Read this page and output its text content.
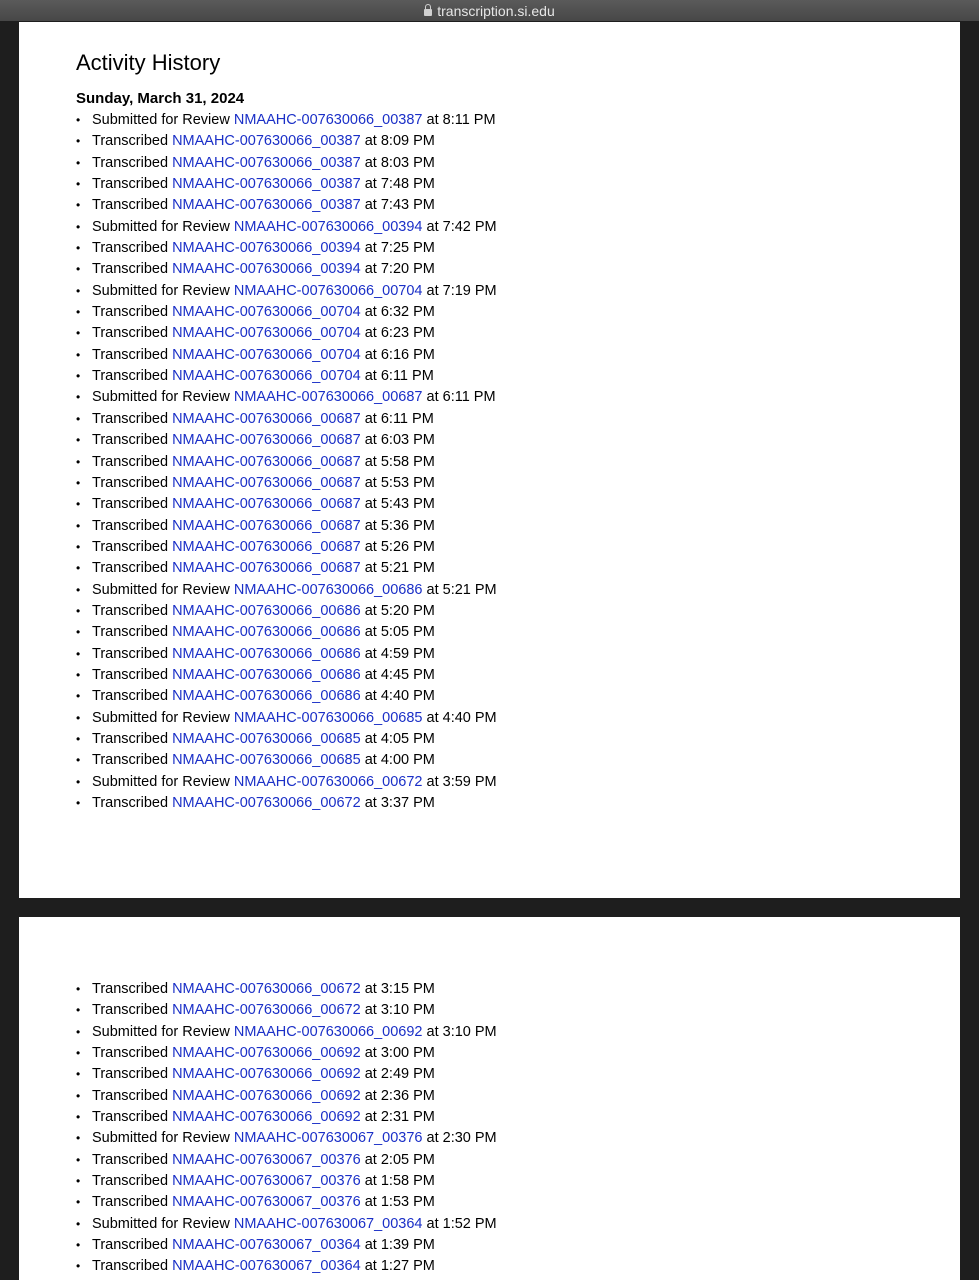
transcription.si.edu
Activity History
Sunday, March 31, 2024
• Submitted for Review NMAAHC-007630066_00387 at 8:11 PM
• Transcribed NMAAHC-007630066_00387 at 8:09 PM
• Transcribed NMAAHC-007630066_00387 at 8:03 PM
• Transcribed NMAAHC-007630066_00387 at 7:48 PM
• Transcribed NMAAHC-007630066_00387 at 7:43 PM
• Submitted for Review NMAAHC-007630066_00394 at 7:42 PM
• Transcribed NMAAHC-007630066_00394 at 7:25 PM
• Transcribed NMAAHC-007630066_00394 at 7:20 PM
• Submitted for Review NMAAHC-007630066_00704 at 7:19 PM
• Transcribed NMAAHC-007630066_00704 at 6:32 PM
• Transcribed NMAAHC-007630066_00704 at 6:23 PM
• Transcribed NMAAHC-007630066_00704 at 6:16 PM
• Transcribed NMAAHC-007630066_00704 at 6:11 PM
• Submitted for Review NMAAHC-007630066_00687 at 6:11 PM
• Transcribed NMAAHC-007630066_00687 at 6:11 PM
• Transcribed NMAAHC-007630066_00687 at 6:03 PM
• Transcribed NMAAHC-007630066_00687 at 5:58 PM
• Transcribed NMAAHC-007630066_00687 at 5:53 PM
• Transcribed NMAAHC-007630066_00687 at 5:43 PM
• Transcribed NMAAHC-007630066_00687 at 5:36 PM
• Transcribed NMAAHC-007630066_00687 at 5:26 PM
• Transcribed NMAAHC-007630066_00687 at 5:21 PM
• Submitted for Review NMAAHC-007630066_00686 at 5:21 PM
• Transcribed NMAAHC-007630066_00686 at 5:20 PM
• Transcribed NMAAHC-007630066_00686 at 5:05 PM
• Transcribed NMAAHC-007630066_00686 at 4:59 PM
• Transcribed NMAAHC-007630066_00686 at 4:45 PM
• Transcribed NMAAHC-007630066_00686 at 4:40 PM
• Submitted for Review NMAAHC-007630066_00685 at 4:40 PM
• Transcribed NMAAHC-007630066_00685 at 4:05 PM
• Transcribed NMAAHC-007630066_00685 at 4:00 PM
• Submitted for Review NMAAHC-007630066_00672 at 3:59 PM
• Transcribed NMAAHC-007630066_00672 at 3:37 PM
• Transcribed NMAAHC-007630066_00672 at 3:15 PM
• Transcribed NMAAHC-007630066_00672 at 3:10 PM
• Submitted for Review NMAAHC-007630066_00692 at 3:10 PM
• Transcribed NMAAHC-007630066_00692 at 3:00 PM
• Transcribed NMAAHC-007630066_00692 at 2:49 PM
• Transcribed NMAAHC-007630066_00692 at 2:36 PM
• Transcribed NMAAHC-007630066_00692 at 2:31 PM
• Submitted for Review NMAAHC-007630067_00376 at 2:30 PM
• Transcribed NMAAHC-007630067_00376 at 2:05 PM
• Transcribed NMAAHC-007630067_00376 at 1:58 PM
• Transcribed NMAAHC-007630067_00376 at 1:53 PM
• Submitted for Review NMAAHC-007630067_00364 at 1:52 PM
• Transcribed NMAAHC-007630067_00364 at 1:39 PM
• Transcribed NMAAHC-007630067_00364 at 1:27 PM
